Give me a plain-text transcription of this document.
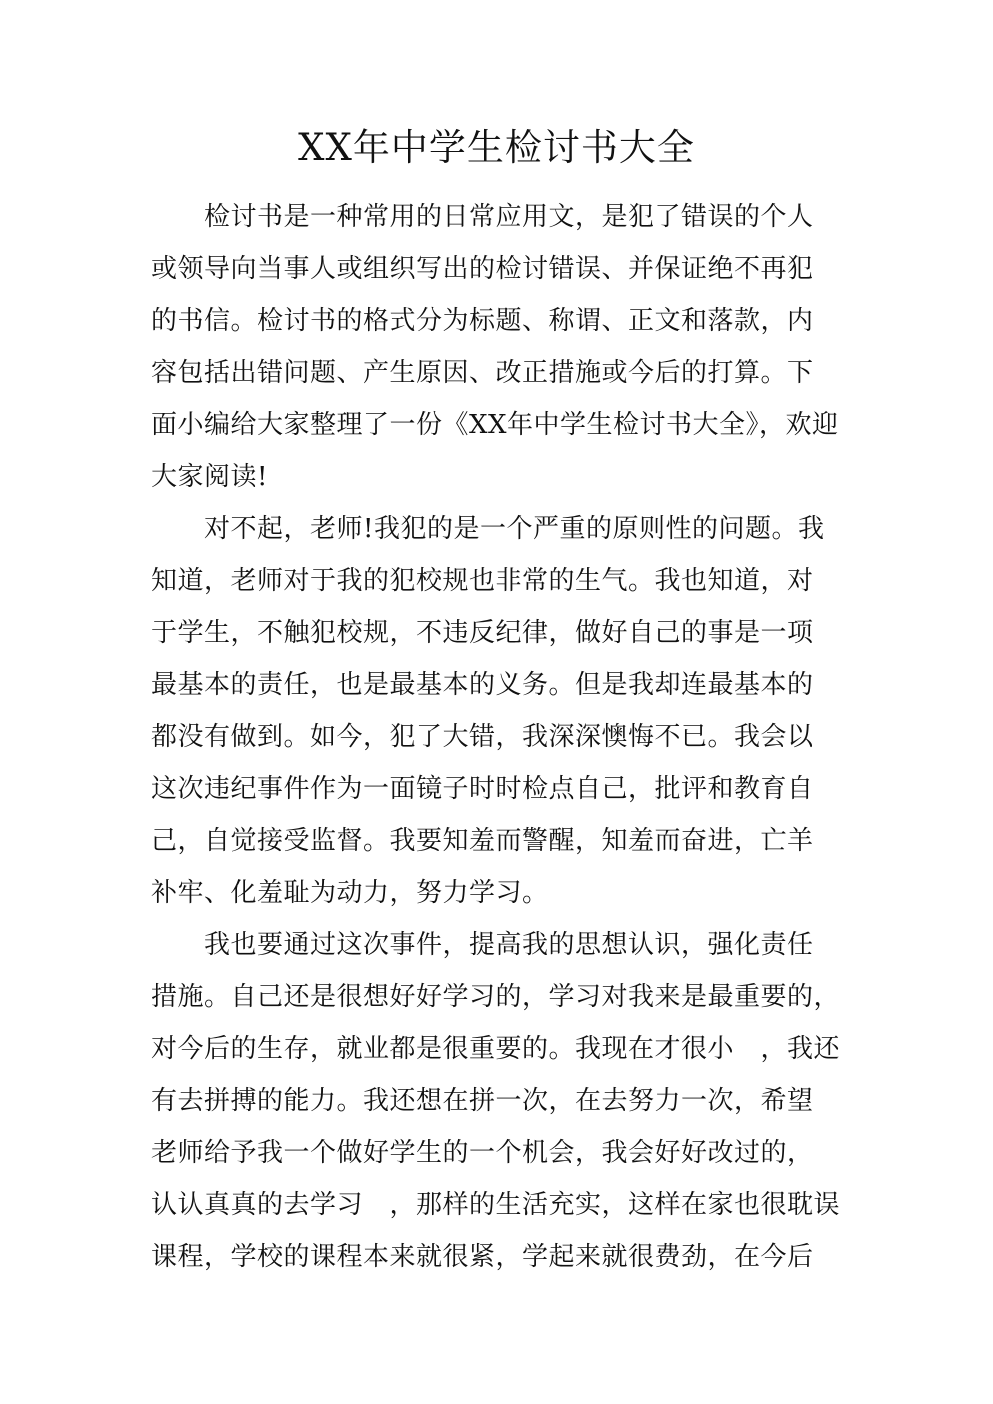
XX年中学生检讨书大全
检讨书是一种常用的日常应用文，是犯了错误的个人
或领导向当事人或组织写出的检讨错误、并保证绝不再犯
的书信。检讨书的格式分为标题、称谓、正文和落款，内
容包括出错问题、产生原因、改正措施或今后的打算。下
面小编给大家整理了一份《XX年中学生检讨书大全》，欢迎
大家阅读!
对不起，老师!我犯的是一个严重的原则性的问题。我
知道，老师对于我的犯校规也非常的生气。我也知道，对
于学生，不触犯校规，不违反纪律，做好自己的事是一项
最基本的责任，也是最基本的义务。但是我却连最基本的
都没有做到。如今，犯了大错，我深深懊悔不已。我会以
这次违纪事件作为一面镜子时时检点自己，批评和教育自
己，自觉接受监督。我要知羞而警醒，知羞而奋进，亡羊
补牢、化羞耻为动力，努力学习。
我也要通过这次事件，提高我的思想认识，强化责任
措施。自己还是很想好好学习的，学习对我来是最重要的，
对今后的生存，就业都是很重要的。我现在才很小　，我还
有去拼搏的能力。我还想在拼一次，在去努力一次，希望
老师给予我一个做好学生的一个机会，我会好好改过的，
认认真真的去学习　，那样的生活充实，这样在家也很耽误
课程，学校的课程本来就很紧，学起来就很费劲，在今后
